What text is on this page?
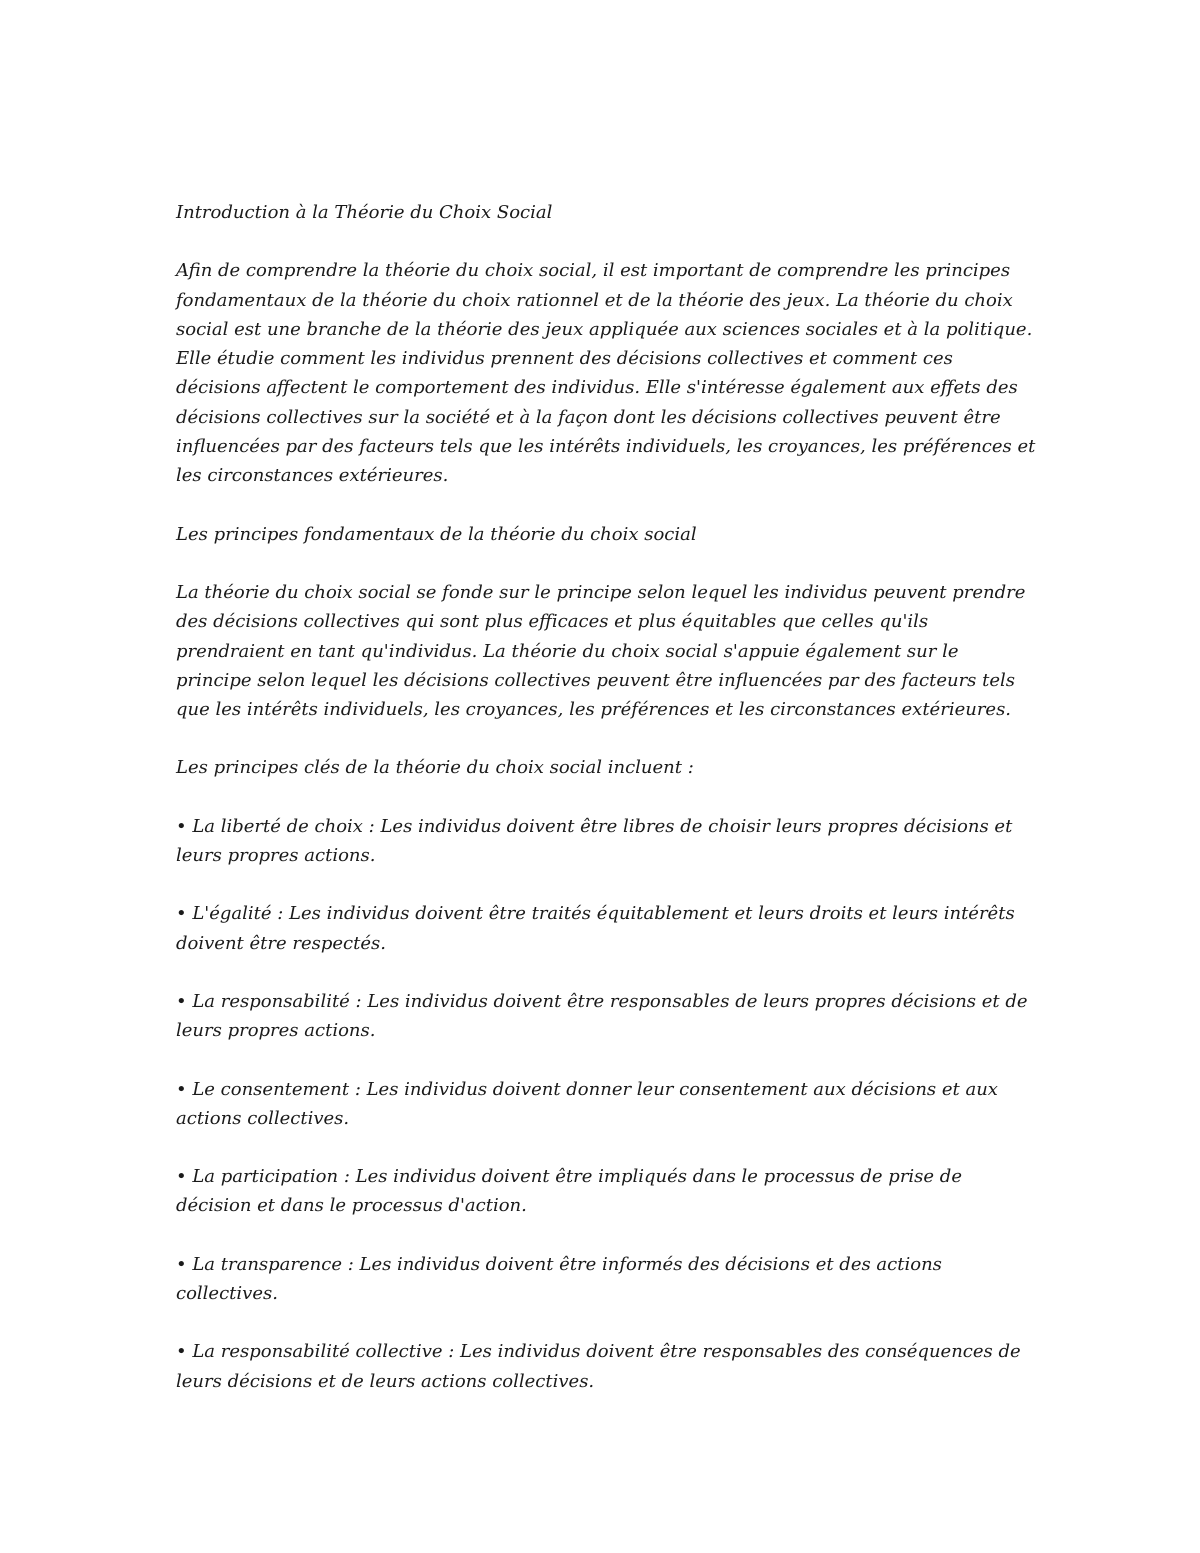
Introduction à la Théorie du Choix Social

Afin de comprendre la théorie du choix social, il est important de comprendre les principes fondamentaux de la théorie du choix rationnel et de la théorie des jeux. La théorie du choix social est une branche de la théorie des jeux appliquée aux sciences sociales et à la politique. Elle étudie comment les individus prennent des décisions collectives et comment ces décisions affectent le comportement des individus. Elle s'intéresse également aux effets des décisions collectives sur la société et à la façon dont les décisions collectives peuvent être influencées par des facteurs tels que les intérêts individuels, les croyances, les préférences et les circonstances extérieures.

Les principes fondamentaux de la théorie du choix social

La théorie du choix social se fonde sur le principe selon lequel les individus peuvent prendre des décisions collectives qui sont plus efficaces et plus équitables que celles qu'ils prendraient en tant qu'individus. La théorie du choix social s'appuie également sur le principe selon lequel les décisions collectives peuvent être influencées par des facteurs tels que les intérêts individuels, les croyances, les préférences et les circonstances extérieures.

Les principes clés de la théorie du choix social incluent :

• La liberté de choix : Les individus doivent être libres de choisir leurs propres décisions et leurs propres actions.
• L'égalité : Les individus doivent être traités équitablement et leurs droits et leurs intérêts doivent être respectés.
• La responsabilité : Les individus doivent être responsables de leurs propres décisions et de leurs propres actions.
• Le consentement : Les individus doivent donner leur consentement aux décisions et aux actions collectives.
• La participation : Les individus doivent être impliqués dans le processus de prise de décision et dans le processus d'action.
• La transparence : Les individus doivent être informés des décisions et des actions collectives.
• La responsabilité collective : Les individus doivent être responsables des conséquences de leurs décisions et de leurs actions collectives.
